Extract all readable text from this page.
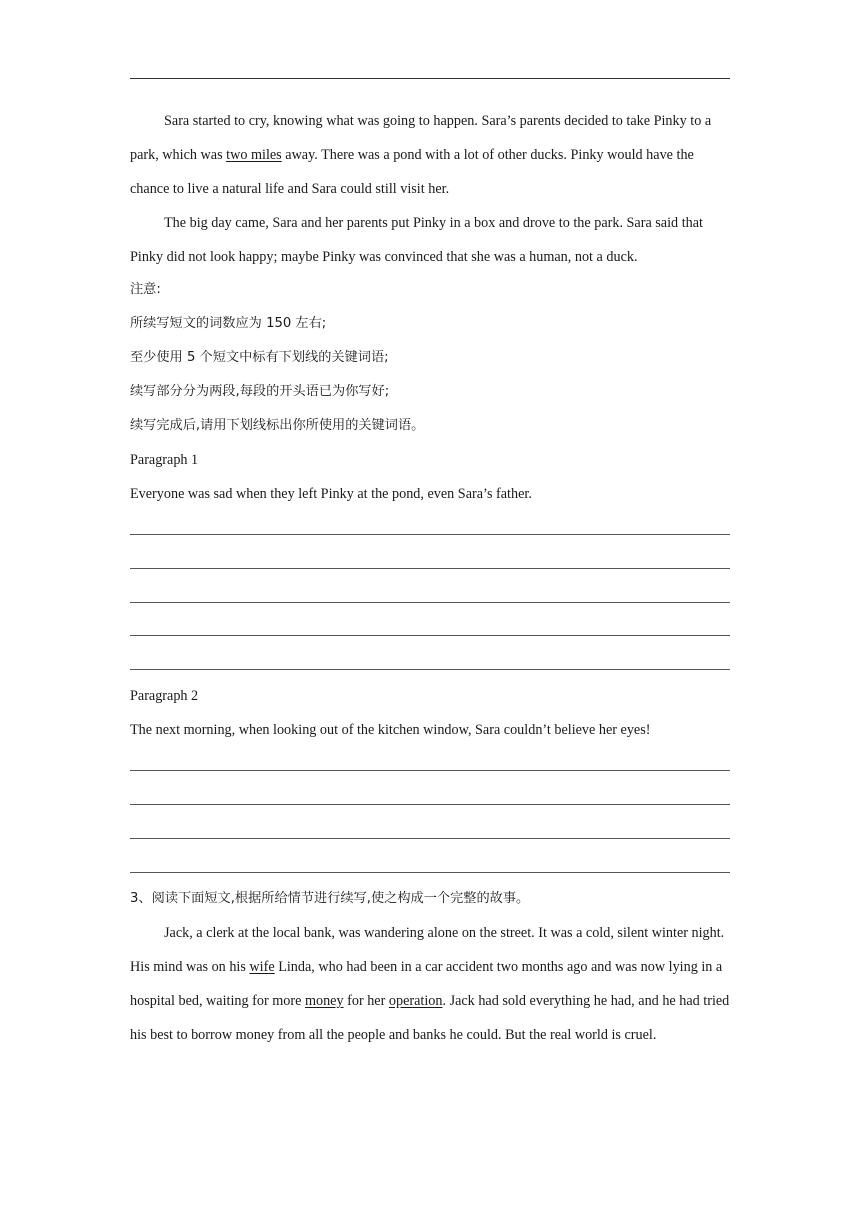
Sara started to cry, knowing what was going to happen. Sara’s parents decided to take Pinky to a park, which was two miles away. There was a pond with a lot of other ducks. Pinky would have the chance to live a natural life and Sara could still visit her.

The big day came, Sara and her parents put Pinky in a box and drove to the park. Sara said that Pinky did not look happy; maybe Pinky was convinced that she was a human, not a duck.

注意:

所续写短文的词数应为 150 左右;

至少使用 5 个短文中标有下划线的关键词语;

续写部分分为两段,每段的开头语已为你写好;

续写完成后,请用下划线标出你所使用的关键词语。

Paragraph 1

Everyone was sad when they left Pinky at the pond, even Sara’s father.

Paragraph 2

The next morning, when looking out of the kitchen window, Sara couldn’t believe her eyes!

3、阅读下面短文,根据所给情节进行续写,使之构成一个完整的故事。

Jack, a clerk at the local bank, was wandering alone on the street. It was a cold, silent winter night. His mind was on his wife Linda, who had been in a car accident two months ago and was now lying in a hospital bed, waiting for more money for her operation. Jack had sold everything he had, and he had tried his best to borrow money from all the people and banks he could. But the real world is cruel.
